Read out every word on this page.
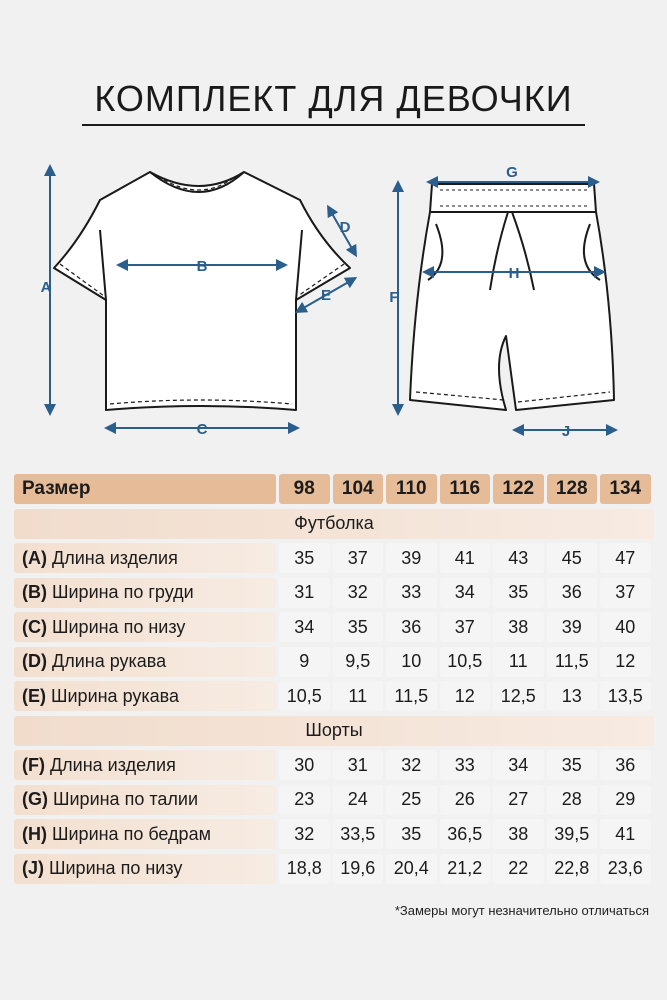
КОМПЛЕКТ ДЛЯ ДЕВОЧКИ
A
B
C
D
E
G
F
H
J
Размер	98	104	110	116	122	128	134
Футболка
(A) Длина изделия	35	37	39	41	43	45	47
(B) Ширина по груди	31	32	33	34	35	36	37
(C) Ширина по низу	34	35	36	37	38	39	40
(D) Длина рукава	9	9,5	10	10,5	11	11,5	12
(E) Ширина рукава	10,5	11	11,5	12	12,5	13	13,5
Шорты
(F) Длина изделия	30	31	32	33	34	35	36
(G) Ширина по талии	23	24	25	26	27	28	29
(H) Ширина по бедрам	32	33,5	35	36,5	38	39,5	41
(J) Ширина по низу	18,8	19,6	20,4	21,2	22	22,8	23,6
*Замеры могут незначительно отличаться
